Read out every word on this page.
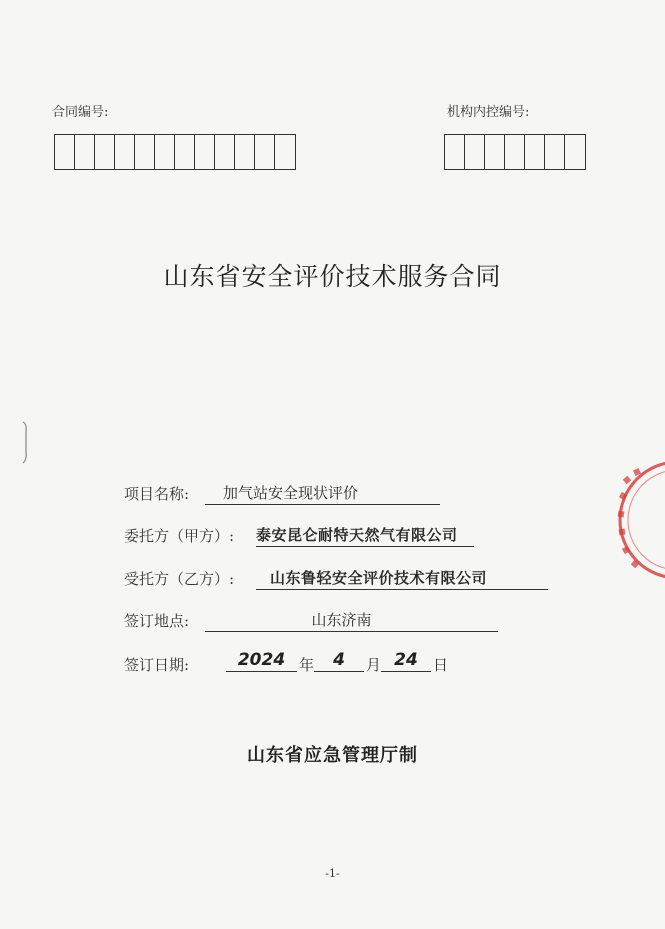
合同编号:	机构内控编号:
山东省安全评价技术服务合同
项目名称:	加气站安全现状评价
委托方（甲方）: 泰安昆仑耐特天然气有限公司
受托方（乙方）:	山东鲁轻安全评价技术有限公司
签订地点:	山东济南
签订日期:	2024 年	4	月 24	日
山东省应急管理厅制
-1-
